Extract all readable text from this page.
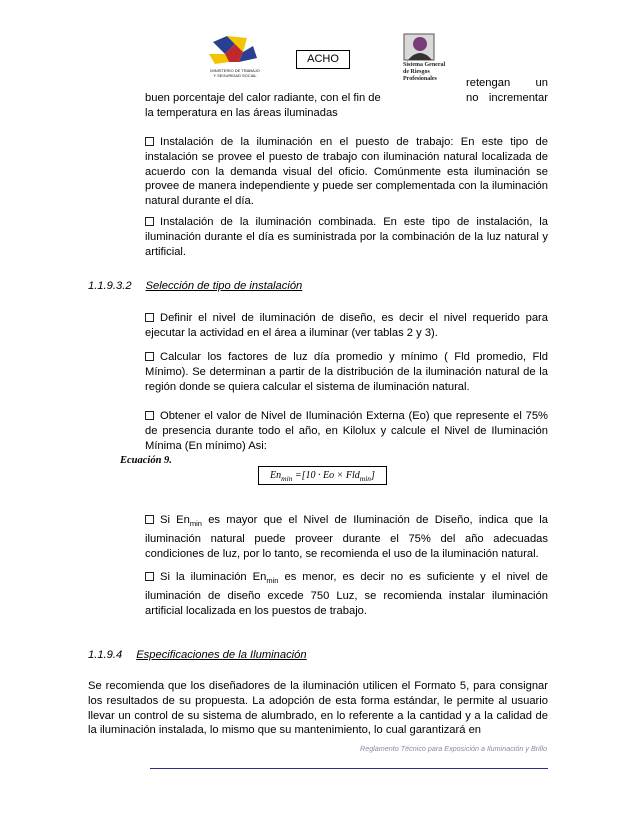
MINISTERIO DE TRABAJO
Y SEGURIDAD SOCIAL
ACHO	Sistema General
de Riesgos
Profesionales	retengan un
buen porcentaje del calor radiante, con el fin de	no incrementar
la temperatura en las áreas iluminadas
Instalación de la iluminación en el puesto de trabajo: En este tipo de instalación se provee el puesto de trabajo con iluminación natural localizada de acuerdo con la demanda visual del oficio. Comúnmente esta iluminación se provee de manera independiente y puede ser complementada con la iluminación natural durante el día.
Instalación de la iluminación combinada. En este tipo de instalación, la iluminación durante el día es suministrada por la combinación de la luz natural y artificial.
1.1.9.3.2 Selección de tipo de instalación
Definir el nivel de iluminación de diseño, es decir el nivel requerido para ejecutar la actividad en el área a iluminar (ver tablas 2 y 3).
Calcular los factores de luz día promedio y mínimo ( Fld promedio, Fld Mínimo). Se determinan a partir de la distribución de la iluminación natural de la región donde se quiera calcular el sistema de iluminación natural.
Obtener el valor de Nivel de Iluminación Externa (Eo) que represente el 75% de presencia durante todo el año, en Kilolux y calcule el Nivel de Iluminación Mínima (En mínimo) Asi:
Ecuación 9.
$En_{min} =[10 \cdot Eo \times Fld_{min}]$
Si $En_{min}$ es mayor que el Nivel de Iluminación de Diseño, indica que la iluminación natural puede proveer durante el 75% del año adecuadas condiciones de luz, por lo tanto, se recomienda el uso de la iluminación natural.
Si la iluminación $En_{min}$ es menor, es decir no es suficiente y el nivel de iluminación de diseño excede 750 Luz, se recomienda instalar iluminación artificial localizada en los puestos de trabajo.
1.1.9.4 Especificaciones de la Iluminación
Se recomienda que los diseñadores de la iluminación utilicen el Formato 5, para consignar los resultados de su propuesta. La adopción de esta forma estándar, le permite al usuario llevar un control de su sistema de alumbrado, en lo referente a la cantidad y a la calidad de la iluminación instalada, lo mismo que su mantenimiento, lo cual garantizará en
Reglamento Técnico para Exposición a Iluminación y Brillo
